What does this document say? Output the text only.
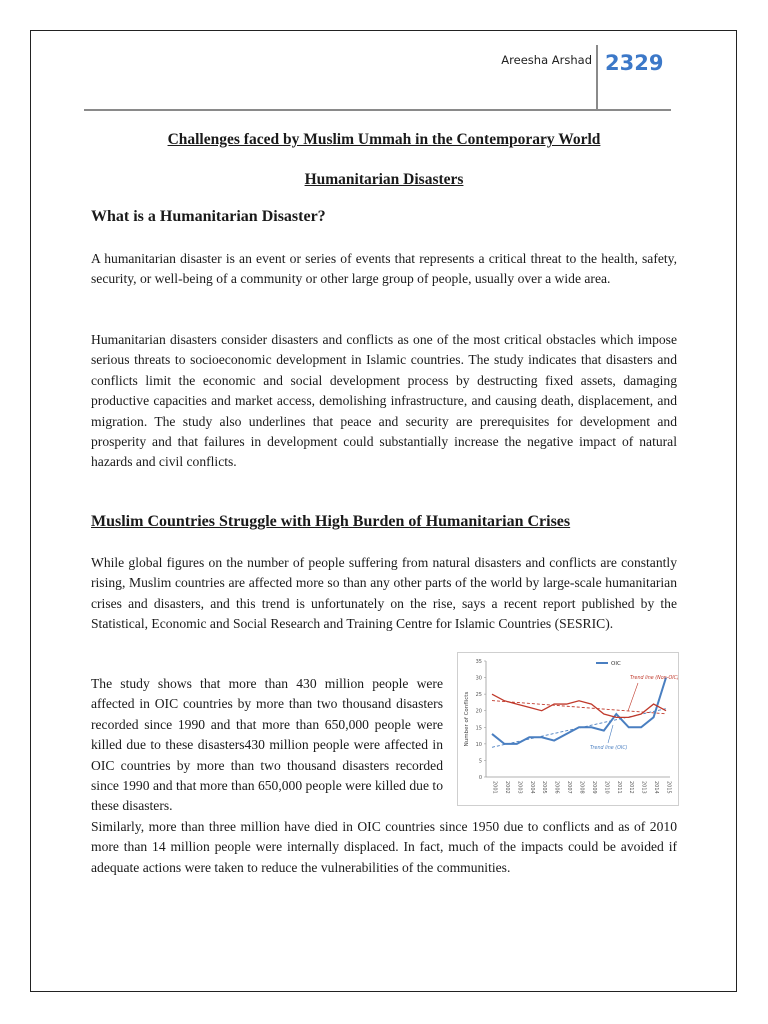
Areesha Arshad 2329
Challenges faced by Muslim Ummah in the Contemporary World
Humanitarian Disasters
What is a Humanitarian Disaster?

A humanitarian disaster is an event or series of events that represents a critical threat to the health, safety, security, or well-being of a community or other large group of people, usually over a wide area.

Humanitarian disasters consider disasters and conflicts as one of the most critical obstacles which impose serious threats to socioeconomic development in Islamic countries. The study indicates that disasters and conflicts limit the economic and social development process by destructing fixed assets, damaging productive capacities and market access, demolishing infrastructure, and causing death, displacement, and migration. The study also underlines that peace and security are prerequisites for development and prosperity and that failures in development could substantially increase the negative impact of natural hazards and civil conflicts.

Muslim Countries Struggle with High Burden of Humanitarian Crises

While global figures on the number of people suffering from natural disasters and conflicts are constantly rising, Muslim countries are affected more so than any other parts of the world by large-scale humanitarian crises and disasters, and this trend is unfortunately on the rise, says a recent report published by the Statistical, Economic and Social Research and Training Centre for Islamic Countries (SESRIC).

The study shows that more than 430 million people were affected in OIC countries by more than two thousand disasters recorded since 1990 and that more than 650,000 people were killed due to these disasters430 million people were affected in OIC countries by more than two thousand disasters recorded since 1990 and that more than 650,000 people were killed due to these disasters.

Similarly, more than three million have died in OIC countries since 1950 due to conflicts and as of 2010 more than 14 million people were internally displaced. In fact, much of the impacts could be avoided if adequate actions were taken to reduce the vulnerabilities of the communities.

0
5
10
15
20
25
30
35
2001 2002 2003 2004 2005 2006 2007 2008 2009 2010 2011 2012 2013 2014 2015
Number of Conflicts
OIC
Trend line (Non-OIC)
Trend line (OIC)
